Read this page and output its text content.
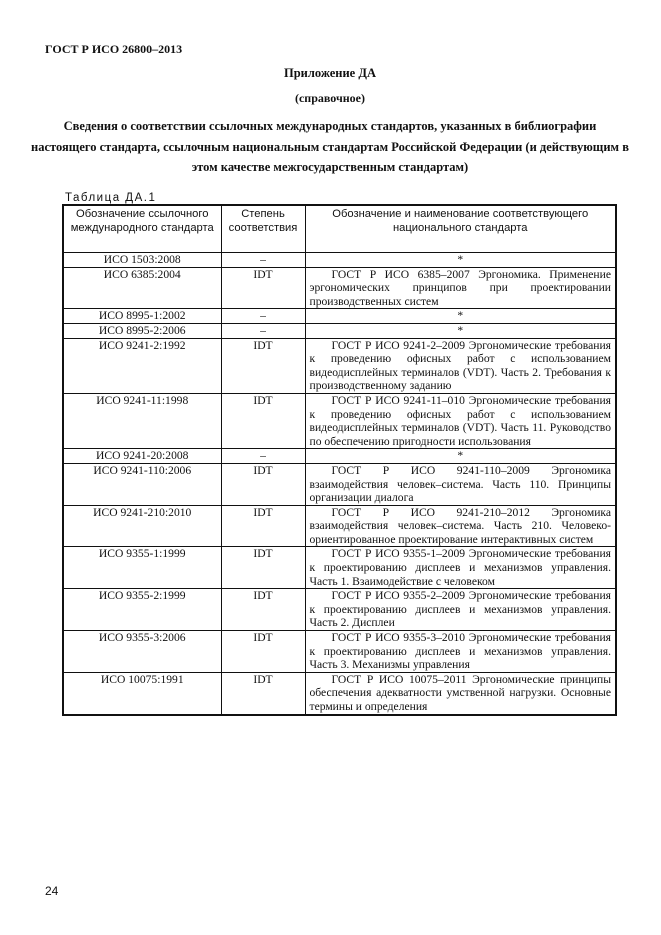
ГОСТ Р ИСО 26800–2013
Приложение ДА
(справочное)
Сведения о соответствии ссылочных международных стандартов, указанных в библиографии настоящего стандарта, ссылочным национальным стандартам Российской Федерации (и действующим в этом качестве межгосударственным стандартам)
Таблица ДА.1
Обозначение ссылочного международного стандарта	Степень соответствия	Обозначение и наименование соответствующего национального стандарта
ИСО 1503:2008	–	*
ИСО 6385:2004	IDT	ГОСТ Р ИСО 6385–2007 Эргономика. Применение эргономических принципов при проектировании производственных систем
ИСО 8995-1:2002	–	*
ИСО 8995-2:2006	–	*
ИСО 9241-2:1992	IDT	ГОСТ Р ИСО 9241-2–2009 Эргономические требования к проведению офисных работ с использованием видеодисплейных терминалов (VDT). Часть 2. Требования к производственному заданию
ИСО 9241-11:1998	IDT	ГОСТ Р ИСО 9241-11–010 Эргономические требования к проведению офисных работ с использованием видеодисплейных терминалов (VDT). Часть 11. Руководство по обеспечению пригодности использования
ИСО 9241-20:2008	–	*
ИСО 9241-110:2006	IDT	ГОСТ Р ИСО 9241-110–2009 Эргономика взаимодействия человек–система. Часть 110. Принципы организации диалога
ИСО 9241-210:2010	IDT	ГОСТ Р ИСО 9241-210–2012 Эргономика взаимодействия человек–система. Часть 210. Человеко-ориентированное проектирование интерактивных систем
ИСО 9355-1:1999	IDT	ГОСТ Р ИСО 9355-1–2009 Эргономические требования к проектированию дисплеев и механизмов управления. Часть 1. Взаимодействие с человеком
ИСО 9355-2:1999	IDT	ГОСТ Р ИСО 9355-2–2009 Эргономические требования к проектированию дисплеев и механизмов управления. Часть 2. Дисплеи
ИСО 9355-3:2006	IDT	ГОСТ Р ИСО 9355-3–2010 Эргономические требования к проектированию дисплеев и механизмов управления. Часть 3. Механизмы управления
ИСО 10075:1991	IDT	ГОСТ Р ИСО 10075–2011 Эргономические принципы обеспечения адекватности умственной нагрузки. Основные термины и определения
24
